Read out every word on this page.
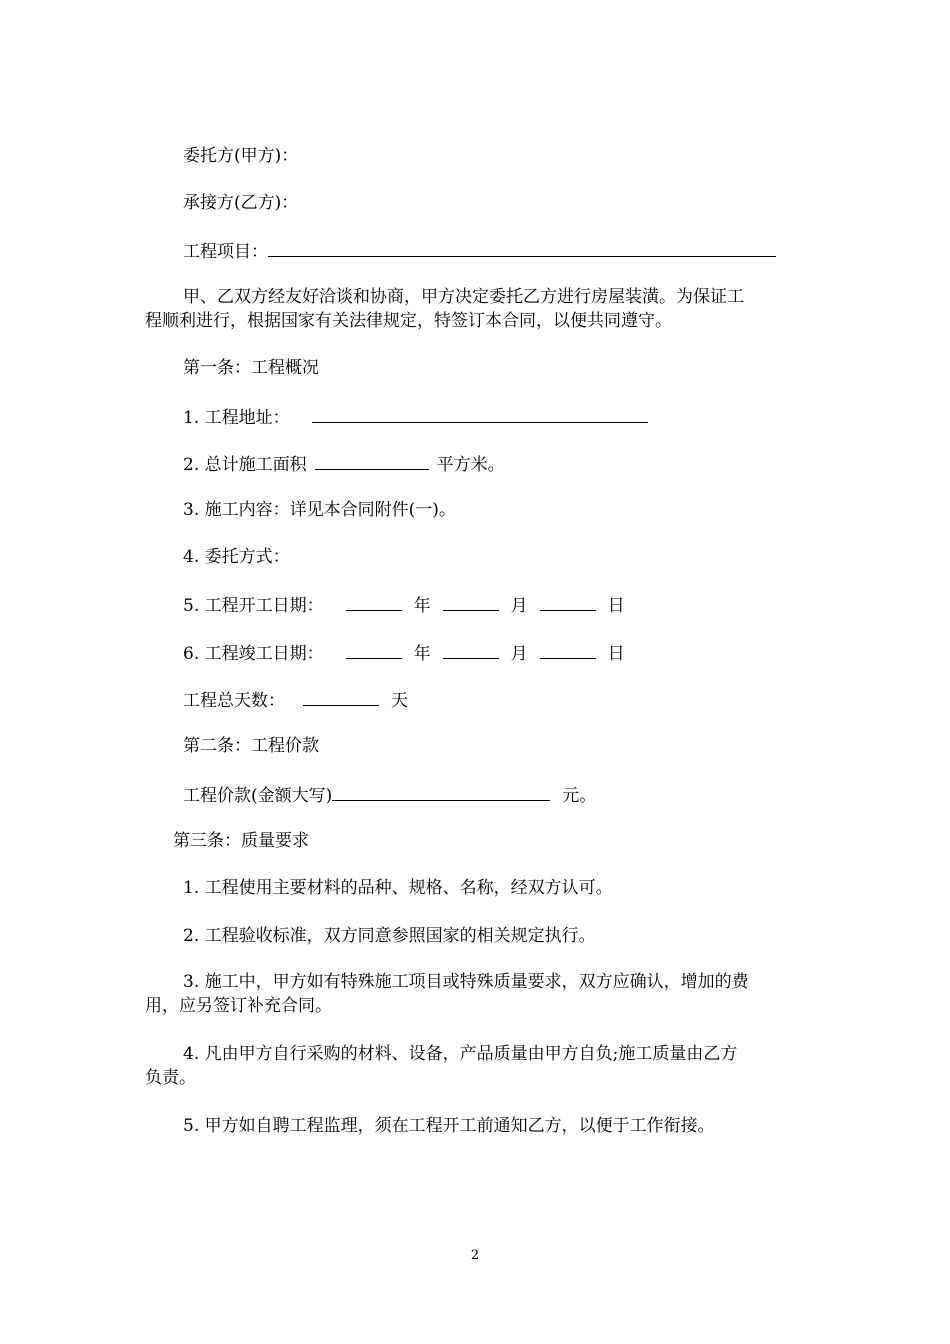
委托方(甲方)：
承接方(乙方)：
工程项目：
甲、乙双方经友好洽谈和协商，甲方决定委托乙方进行房屋装潢。为保证工
程顺利进行，根据国家有关法律规定，特签订本合同，以便共同遵守。
第一条：工程概况
1. 工程地址：
2. 总计施工面积	平方米。
3. 施工内容：详见本合同附件(一)。
4. 委托方式：
5. 工程开工日期：	年	月	日
6. 工程竣工日期：	年	月	日
工程总天数：	天
第二条：工程价款
工程价款(金额大写)	元。
第三条：质量要求
1. 工程使用主要材料的品种、规格、名称，经双方认可。
2. 工程验收标准，双方同意参照国家的相关规定执行。
3. 施工中，甲方如有特殊施工项目或特殊质量要求，双方应确认，增加的费
用，应另签订补充合同。
4. 凡由甲方自行采购的材料、设备，产品质量由甲方自负;施工质量由乙方
负责。
5. 甲方如自聘工程监理，须在工程开工前通知乙方，以便于工作衔接。
2
